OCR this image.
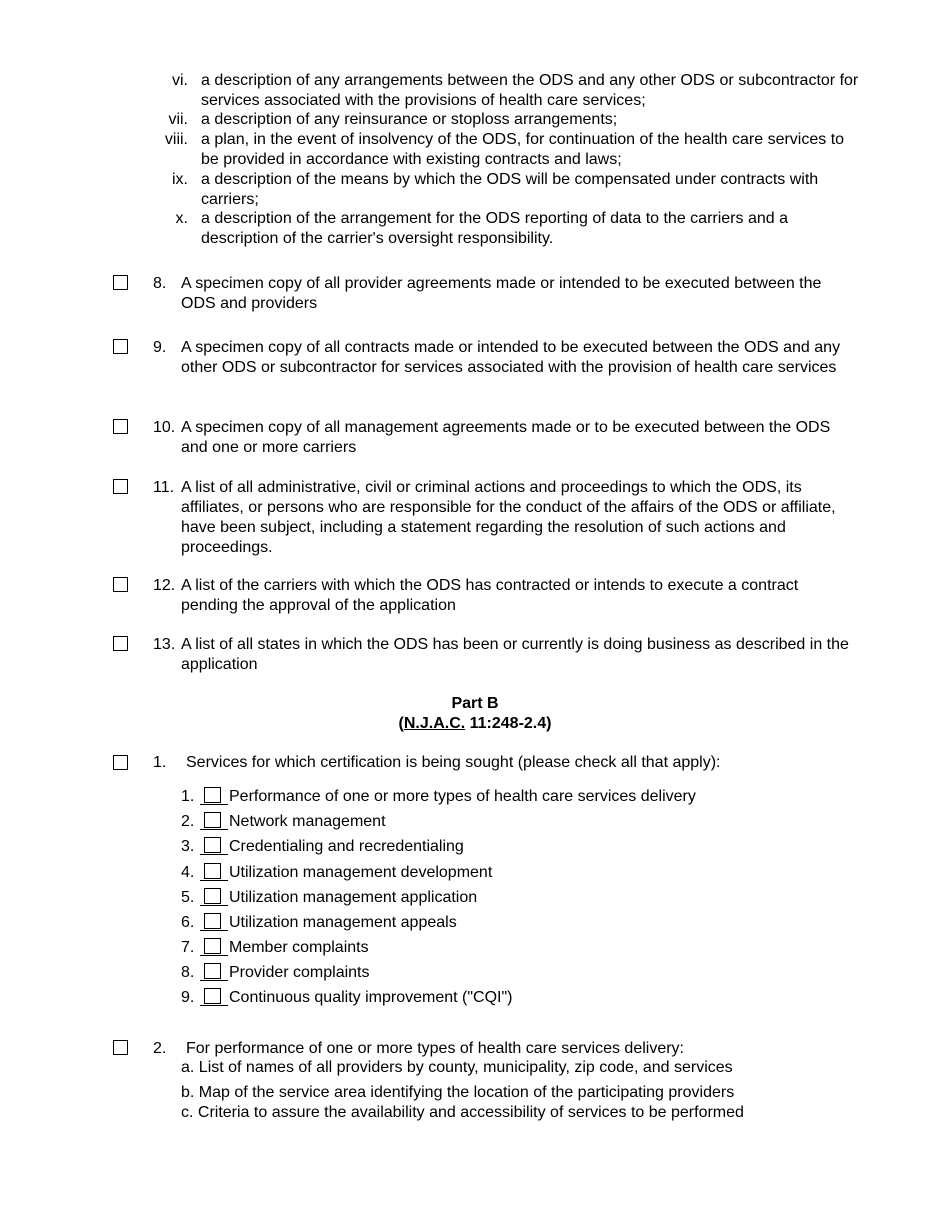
vi. a description of any arrangements between the ODS and any other ODS or subcontractor for services associated with the provisions of health care services;
vii. a description of any reinsurance or stoploss arrangements;
viii. a plan, in the event of insolvency of the ODS, for continuation of the health care services to be provided in accordance with existing contracts and laws;
ix. a description of the means by which the ODS will be compensated under contracts with carriers;
x. a description of the arrangement for the ODS reporting of data to the carriers and a description of the carrier's oversight responsibility.
8. A specimen copy of all provider agreements made or intended to be executed between the ODS and providers
9. A specimen copy of all contracts made or intended to be executed between the ODS and any other ODS or subcontractor for services associated with the provision of health care services
10. A specimen copy of all management agreements made or to be executed between the ODS and one or more carriers
11. A list of all administrative, civil or criminal actions and proceedings to which the ODS, its affiliates, or persons who are responsible for the conduct of the affairs of the ODS or affiliate, have been subject, including a statement regarding the resolution of such actions and proceedings.
12. A list of the carriers with which the ODS has contracted or intends to execute a contract pending the approval of the application
13. A list of all states in which the ODS has been or currently is doing business as described in the application
Part B
(N.J.A.C. 11:248-2.4)
1. Services for which certification is being sought (please check all that apply):
1. Performance of one or more types of health care services delivery
2. Network management
3. Credentialing and recredentialing
4. Utilization management development
5. Utilization management application
6. Utilization management appeals
7. Member complaints
8. Provider complaints
9. Continuous quality improvement ("CQI")
2. For performance of one or more types of health care services delivery:
a. List of names of all providers by county, municipality, zip code, and services
b. Map of the service area identifying the location of the participating providers
c. Criteria to assure the availability and accessibility of services to be performed
